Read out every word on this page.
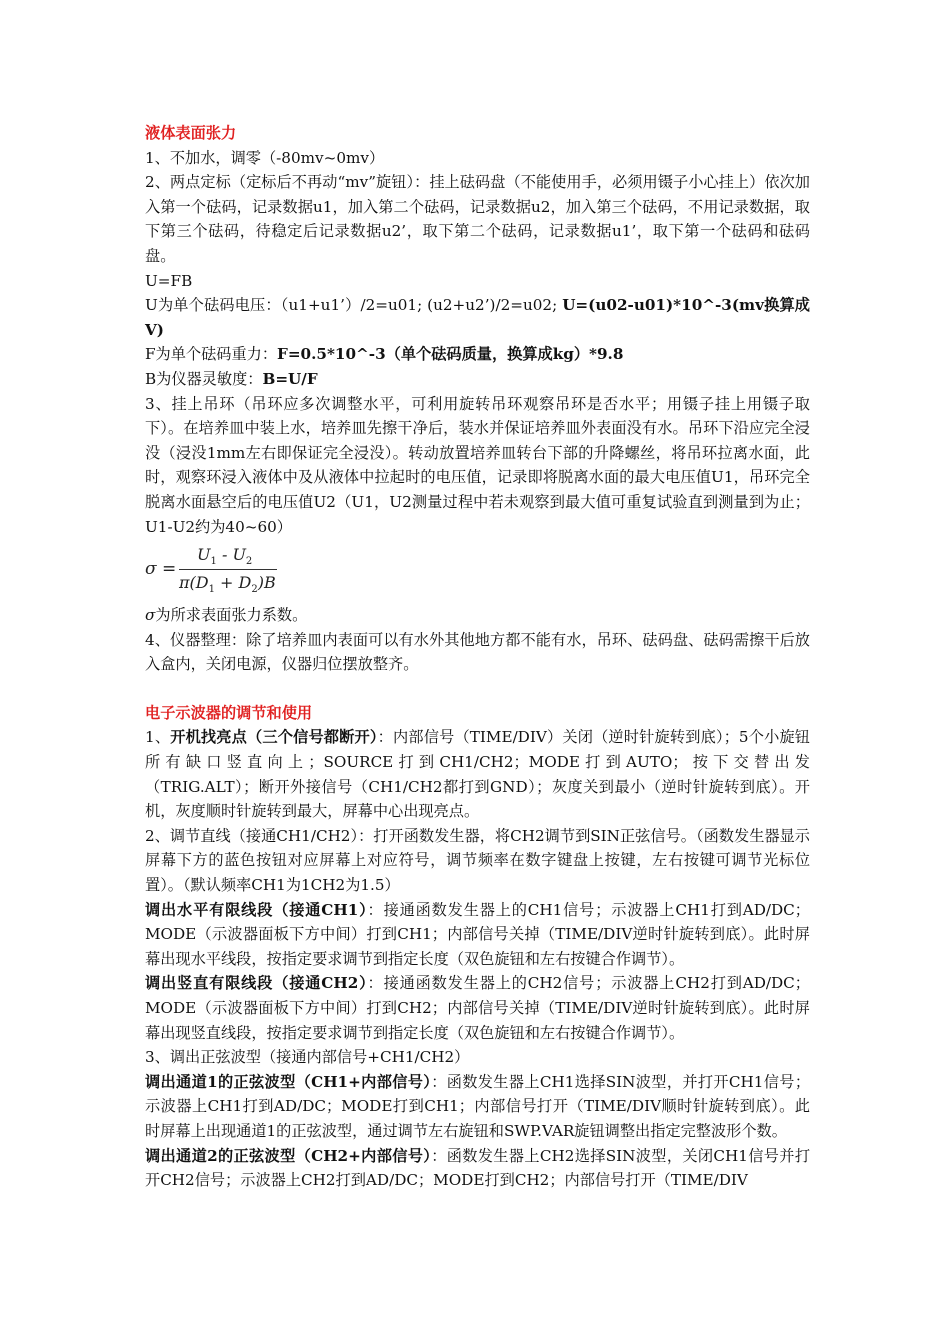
液体表面张力

1、不加水，调零（-80mv~0mv）

2、两点定标（定标后不再动“mv”旋钮）：挂上砝码盘（不能使用手，必须用镊子小心挂上）依次加入第一个砝码，记录数据u1，加入第二个砝码，记录数据u2，加入第三个砝码，不用记录数据，取下第三个砝码，待稳定后记录数据u2’，取下第二个砝码，记录数据u1’，取下第一个砝码和砝码盘。

U=FB

U为单个砝码电压：（u1+u1’）/2=u01; (u2+u2’)/2=u02; U=(u02-u01)*10^-3(mv换算成V)

F为单个砝码重力：F=0.5*10^-3（单个砝码质量，换算成kg）*9.8

B为仪器灵敏度：B=U/F

3、挂上吊环（吊环应多次调整水平，可利用旋转吊环观察吊环是否水平；用镊子挂上用镊子取下）。在培养皿中装上水，培养皿先擦干净后，装水并保证培养皿外表面没有水。吊环下沿应完全浸没（浸没1mm左右即保证完全浸没）。转动放置培养皿转台下部的升降螺丝，将吊环拉离水面，此时，观察环浸入液体中及从液体中拉起时的电压值，记录即将脱离水面的最大电压值U1，吊环完全脱离水面悬空后的电压值U2（U1，U2测量过程中若未观察到最大值可重复试验直到测量到为止；U1-U2约为40~60）

σ =
$U_1 - U_2$
$\pi(D_1 + D_2)B$

σ为所求表面张力系数。

4、仪器整理：除了培养皿内表面可以有水外其他地方都不能有水，吊环、砝码盘、砝码需擦干后放入盒内，关闭电源，仪器归位摆放整齐。

电子示波器的调节和使用

1、开机找亮点（三个信号都断开）：内部信号（TIME/DIV）关闭（逆时针旋转到底）；5个小旋钮所有缺口竖直向上；SOURCE打到CH1/CH2；MODE打到AUTO；按下交替出发（TRIG.ALT）；断开外接信号（CH1/CH2都打到GND）；灰度关到最小（逆时针旋转到底）。开机，灰度顺时针旋转到最大，屏幕中心出现亮点。

2、调节直线（接通CH1/CH2）：打开函数发生器，将CH2调节到SIN正弦信号。（函数发生器显示屏幕下方的蓝色按钮对应屏幕上对应符号，调节频率在数字键盘上按键，左右按键可调节光标位置）。（默认频率CH1为1CH2为1.5）

调出水平有限线段（接通CH1）：接通函数发生器上的CH1信号；示波器上CH1打到AD/DC；MODE（示波器面板下方中间）打到CH1；内部信号关掉（TIME/DIV逆时针旋转到底）。此时屏幕出现水平线段，按指定要求调节到指定长度（双色旋钮和左右按键合作调节）。

调出竖直有限线段（接通CH2）：接通函数发生器上的CH2信号；示波器上CH2打到AD/DC；MODE（示波器面板下方中间）打到CH2；内部信号关掉（TIME/DIV逆时针旋转到底）。此时屏幕出现竖直线段，按指定要求调节到指定长度（双色旋钮和左右按键合作调节）。

3、调出正弦波型（接通内部信号+CH1/CH2）

调出通道1的正弦波型（CH1+内部信号）：函数发生器上CH1选择SIN波型，并打开CH1信号；示波器上CH1打到AD/DC；MODE打到CH1；内部信号打开（TIME/DIV顺时针旋转到底）。此时屏幕上出现通道1的正弦波型，通过调节左右旋钮和SWP.VAR旋钮调整出指定完整波形个数。

调出通道2的正弦波型（CH2+内部信号）：函数发生器上CH2选择SIN波型，关闭CH1信号并打开CH2信号；示波器上CH2打到AD/DC；MODE打到CH2；内部信号打开（TIME/DIV
